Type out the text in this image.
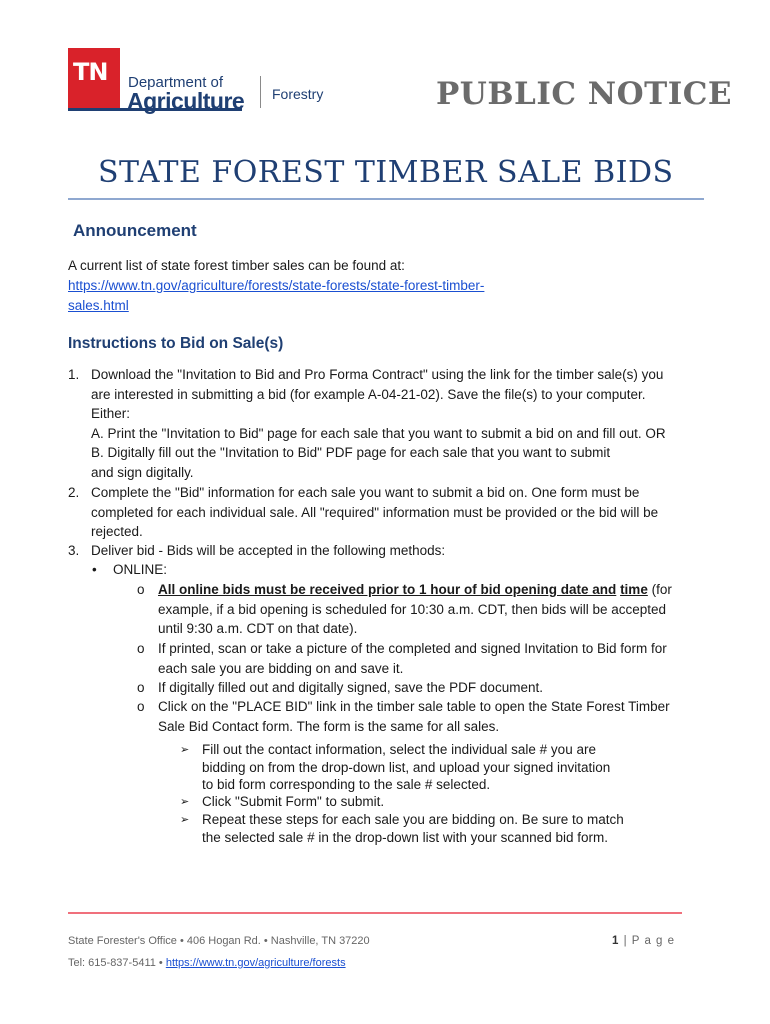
TN	Department of
Agriculture Forestry	PUBLIC NOTICE
STATE FOREST TIMBER SALE BIDS
Announcement
A current list of state forest timber sales can be found at:
https://www.tn.gov/agriculture/forests/state-forests/state-forest-timber-
sales.html
Instructions to Bid on Sale(s)
1. Download the "Invitation to Bid and Pro Forma Contract" using the link for the timber sale(s) you
are interested in submitting a bid (for example A-04-21-02). Save the file(s) to your computer.
Either:
A. Print the "Invitation to Bid" page for each sale that you want to submit a bid on and fill out. OR
B. Digitally fill out the "Invitation to Bid" PDF page for each sale that you want to submit
and sign digitally.
2. Complete the "Bid" information for each sale you want to submit a bid on. One form must be
completed for each individual sale. All "required" information must be provided or the bid will be
rejected.
3. Deliver bid - Bids will be accepted in the following methods:
• ONLINE:
o All online bids must be received prior to 1 hour of bid opening date and time (for
example, if a bid opening is scheduled for 10:30 a.m. CDT, then bids will be accepted
until 9:30 a.m. CDT on that date).
o If printed, scan or take a picture of the completed and signed Invitation to Bid form for
each sale you are bidding on and save it.
o If digitally filled out and digitally signed, save the PDF document.
o Click on the "PLACE BID" link in the timber sale table to open the State Forest Timber
Sale Bid Contact form. The form is the same for all sales.
➢ Fill out the contact information, select the individual sale # you are
bidding on from the drop-down list, and upload your signed invitation
to bid form corresponding to the sale # selected.
➢ Click "Submit Form" to submit.
➢ Repeat these steps for each sale you are bidding on. Be sure to match
the selected sale # in the drop-down list with your scanned bid form.
State Forester's Office • 406 Hogan Rd. • Nashville, TN 37220	1 | P a g e
Tel: 615-837-5411 • https://www.tn.gov/agriculture/forests
